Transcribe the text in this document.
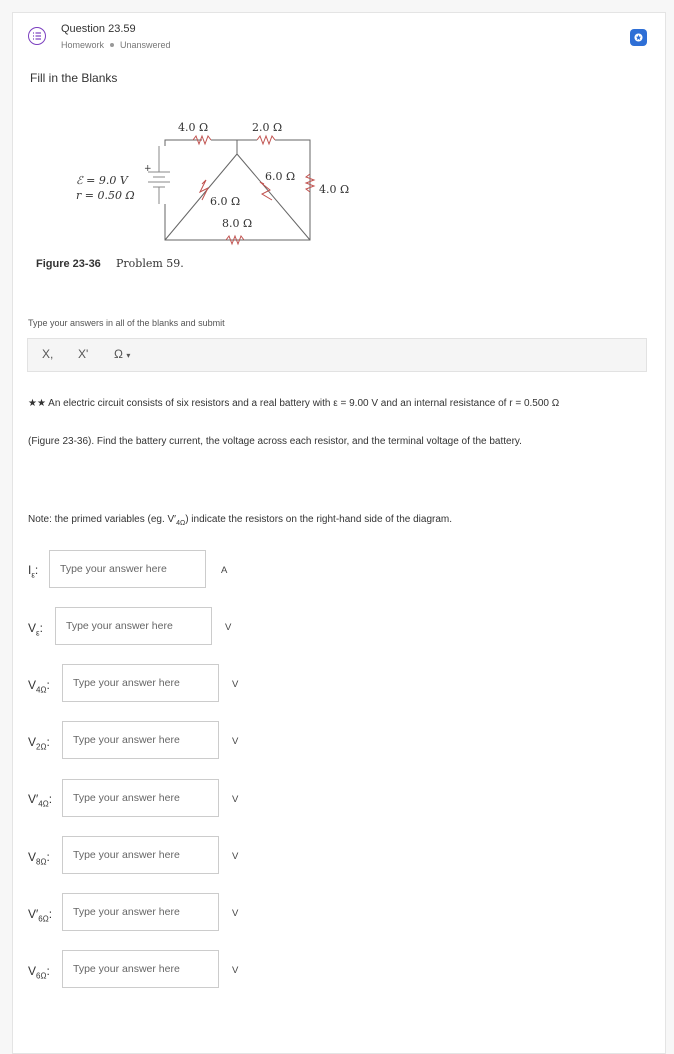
Question 23.59
Homework Unanswered
Fill in the Blanks
4.0 Ω	2.0 Ω
ℰ = 9.0 V
r = 0.50 Ω
+
6.0 Ω
6.0 Ω
4.0 Ω
8.0 Ω
Figure 23-36 Problem 59.
Type your answers in all of the blanks and submit
X, X' Ω ▾
★★ An electric circuit consists of six resistors and a real battery with ε = 9.00 V and an internal resistance of r = 0.500 Ω
(Figure 23-36). Find the battery current, the voltage across each resistor, and the terminal voltage of the battery.
Note: the primed variables (eg. $V'_{4\Omega}$) indicate the resistors on the right-hand side of the diagram.
$I_\varepsilon$:
Type your answer here	A
$V_\varepsilon$:
Type your answer here	V
$V_{4\Omega}$:
Type your answer here	V
$V_{2\Omega}$:
Type your answer here	V
$V'_{4\Omega}$:
Type your answer here	V
$V_{8\Omega}$:
Type your answer here	V
$V'_{6\Omega}$:
Type your answer here	V
$V_{6\Omega}$:
Type your answer here	V
